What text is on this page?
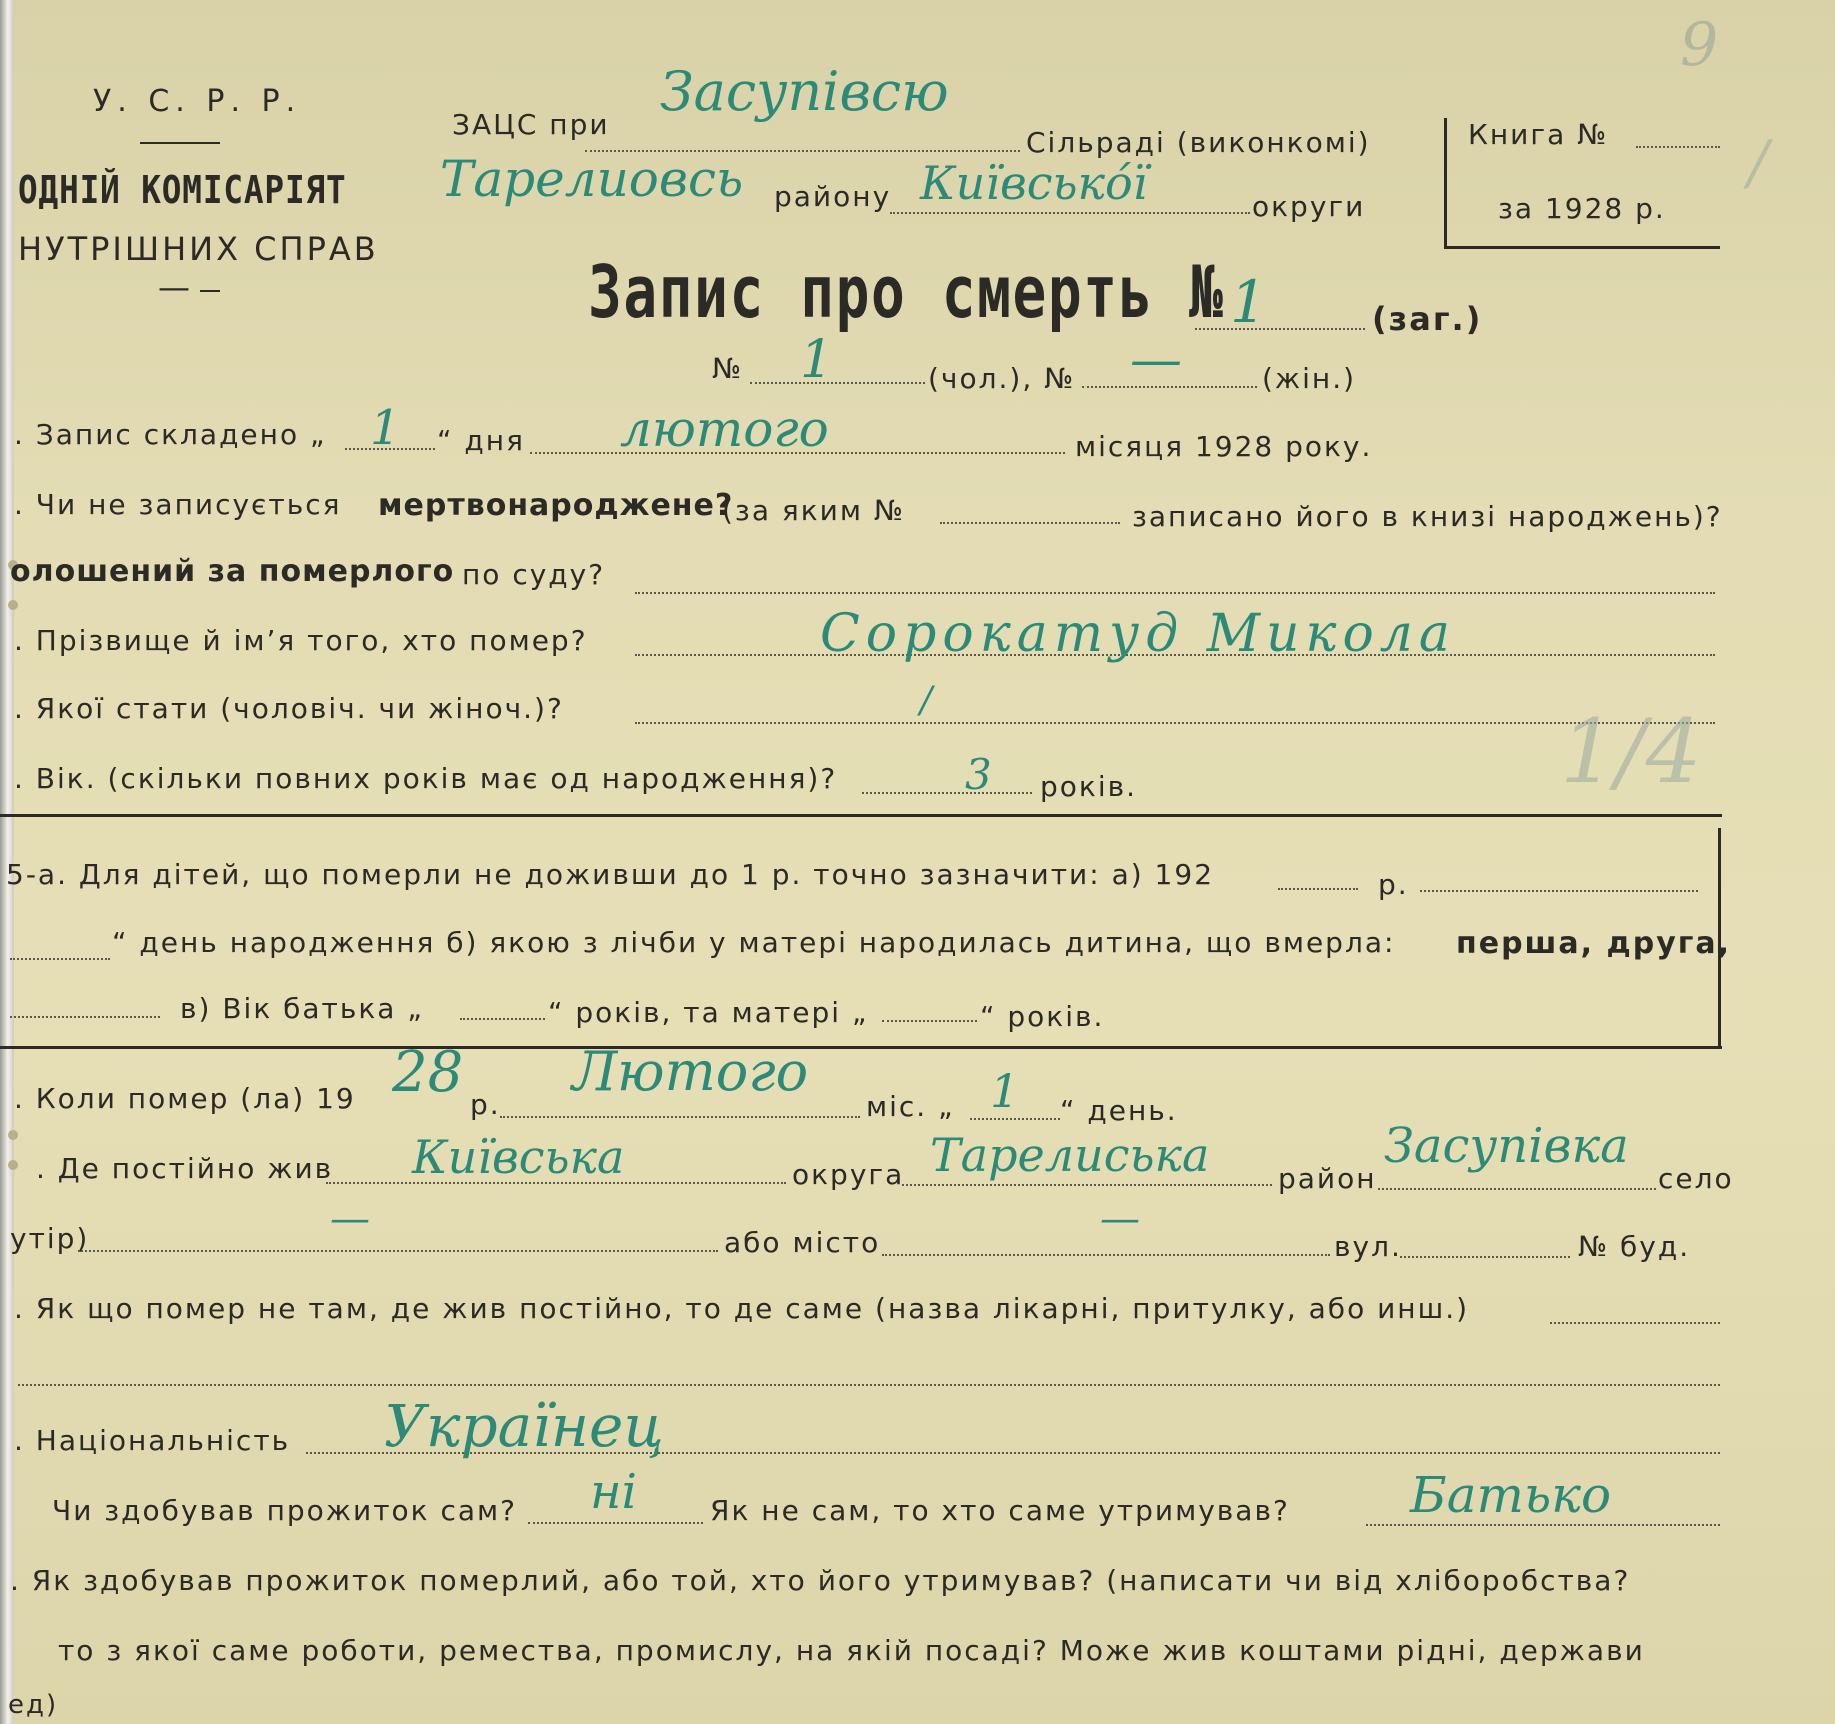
У. С. Р. Р.
ОДНІЙ КОМІСАРІЯТ
НУТРІШНИХ СПРАВ
—
ЗАЦС при
Засупівсю
Сільраді (виконкомі)
Тарелиовсь району Київсько́ї	округи
Книга №
за 1928 р.
9
/
Запис про смерть № 1	(заг.)
№ 1	(чол.), № —	(жін.)
. Запис складено „ 1 “ дня лютого	місяця 1928 року.
. Чи не записується мертвонароджене?
(за яким №	записано його в книзі народжень)?
олошений за померлого по суду?
. Прізвище й ім’я того, хто помер?	Сорокатуд Микола
. Якої стати (чоловіч. чи жіноч.)?	/
. Вік. (скільки повних років має од народження)?	3 років.	1/4
5-а. Для дітей, що померли не доживши до 1 р. точно зазначити: а) 192	р.
“ день народження б) якою з лічби у матері народилась дитина, що вмерла: перша, друга,
в) Вік батька „	“ років, та матері „	“ років.
. Коли помер (ла) 19 28 р.
Лютого
міс. „ 1 “ день.
. Де постійно жив Київська	округа Тарелиська район
Засупівка
село
утір)	—
або місто
—
вул.	№ буд.
. Як що помер не там, де жив постійно, то де саме (назва лікарні, притулку, або инш.)
. Національність Українец
Чи здобував прожиток сам? ні	Як не сам, то хто саме утримував? Батько
. Як здобував прожиток померлий, або той, хто його утримував? (написати чи від хліборобства?
то з якої саме роботи, ремества, промислу, на якій посаді? Може жив коштами рідні, держави
ед)
